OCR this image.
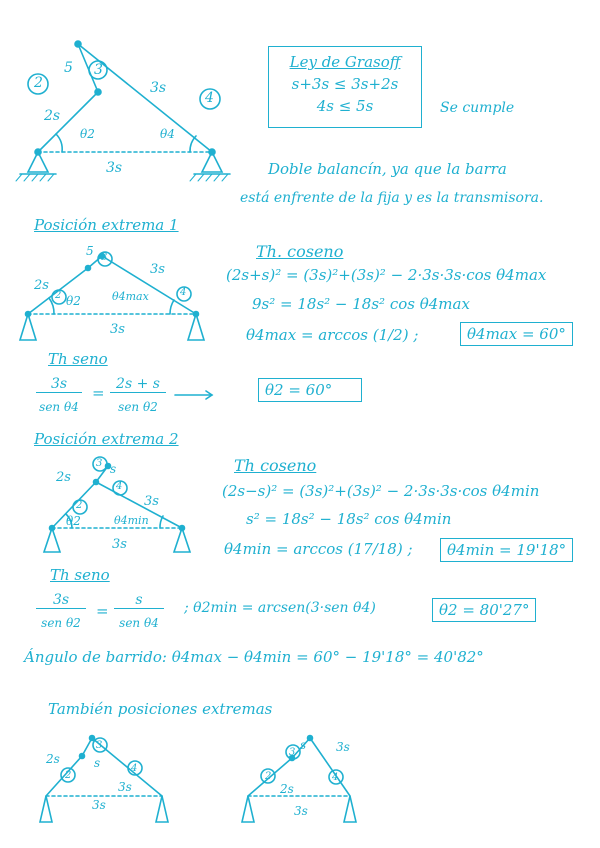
5 3
2
2s
3s
4
θ2	θ4
3s
Ley de Grasoff
s+3s ≤ 3s+2s
4s ≤ 5s	Se cumple
Doble balancín, ya que la barra
está enfrente de la fija y es la transmisora.
Posición extrema 1
5 3
3s
2s
2 θ2	θ4max	4
3s
Th. coseno
(2s+s)² = (3s)²+(3s)² − 2·3s·3s·cos θ4max
9s² = 18s² − 18s² cos θ4max
θ4max = arccos (1/2) ;	θ4max = 60°
Th seno
3s
sen θ4
= 2s + s
sen θ2
θ2 = 60°
Posición extrema 2
3 s
2s
2
4
3s
θ2	θ4min
3s
Th coseno
(2s−s)² = (3s)²+(3s)² − 2·3s·3s·cos θ4min
s² = 18s² − 18s² cos θ4min
θ4min = arccos (17/18) ;	θ4min = 19'18°
Th seno
3s
sen θ2
=
s
sen θ4
; θ2min = arcsen(3·sen θ4)	θ2 = 80'27°
Ángulo de barrido: θ4max − θ4min = 60° − 19'18° = 40'82°
También posiciones extremas
3
2s
2
s	4
3s
3s
3
s 3s
2
2s
4
3s
